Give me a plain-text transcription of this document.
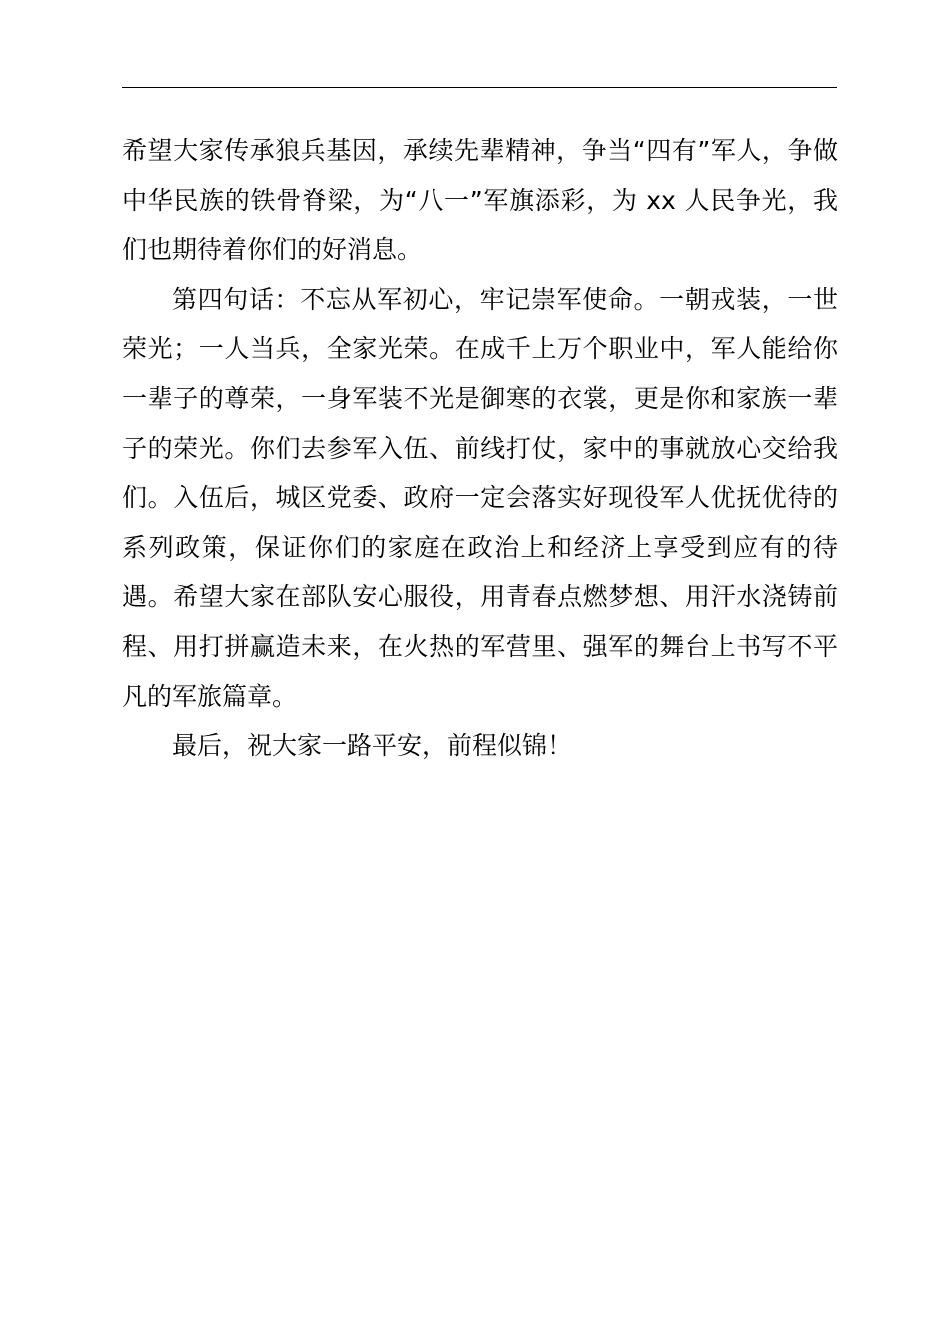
希望大家传承狼兵基因，承续先辈精神，争当“四有”军人，争做中华民族的铁骨脊梁，为“八一”军旗添彩，为 xx 人民争光，我们也期待着你们的好消息。

第四句话：不忘从军初心，牢记崇军使命。一朝戎装，一世荣光；一人当兵，全家光荣。在成千上万个职业中，军人能给你一辈子的尊荣，一身军装不光是御寒的衣裳，更是你和家族一辈子的荣光。你们去参军入伍、前线打仗，家中的事就放心交给我们。入伍后，城区党委、政府一定会落实好现役军人优抚优待的系列政策，保证你们的家庭在政治上和经济上享受到应有的待遇。希望大家在部队安心服役，用青春点燃梦想、用汗水浇铸前程、用打拼赢造未来，在火热的军营里、强军的舞台上书写不平凡的军旅篇章。

最后，祝大家一路平安，前程似锦！
